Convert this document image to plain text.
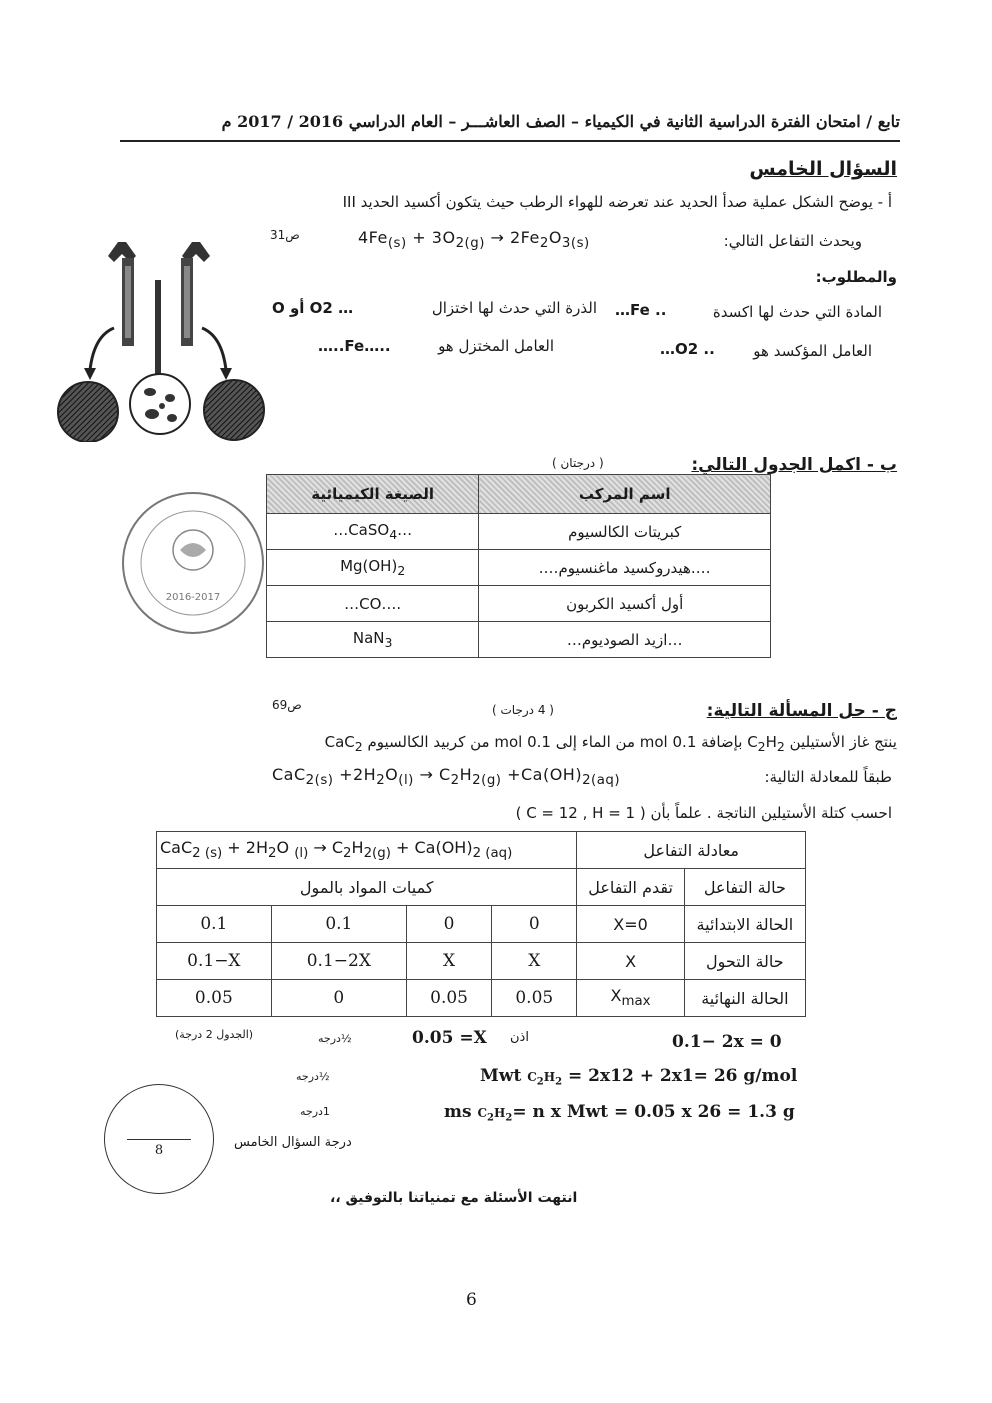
تابع / امتحان الفترة الدراسية الثانية في الكيمياء – الصف العاشـــر – العام الدراسي 2016 / 2017 م
السؤال الخامس
أ - يوضح الشكل عملية صدأ الحديد عند تعرضه للهواء الرطب حيث يتكون أكسيد الحديد III
ويحدث التفاعل التالي:
$4Fe_{(s)} + 3O_{2(g)} \to 2Fe_2O_{3(s)}$
ص31
والمطلوب:
المادة التي حدث لها اكسدة
…Fe ..
الذرة التي حدث لها اختزال
O أو O2 …
العامل المؤكسد هو
…O2 ..
العامل المختزل هو
…..Fe…..
ب - اكمل الجدول التالي:
( درجتان )
2016-2017
الصيغة الكيميائية	اسم المركب
…CaSO$_4$…	كبريتات الكالسيوم
$Mg(OH)_2$	….هيدروكسيد ماغنسيوم….
…CO….	أول أكسيد الكربون
NaN$_3$	…ازيد الصوديوم…
ج - حل المسألة التالية:
( 4 درجات )
ص69
ينتج غاز الأستيلين $C_2H_2$ بإضافة 0.1 mol من الماء إلى 0.1 mol من كربيد الكالسيوم CaC$_2$
طبقاً للمعادلة التالية:
$CaC_{2(s)} +2H_2O_{(l)} \to C_2H_{2(g)} +Ca(OH)_{2(aq)}$
احسب كتلة الأستيلين الناتجة . علماً بأن ( C = 12 , H = 1 )
$CaC_{2 (s)} + 2H_2O$ $_{(l)} \to C_2H_{2(g)} + Ca(OH)_{2 (aq)}$				معادلة التفاعل	
كميات المواد بالمول				تقدم التفاعل	حالة التفاعل
0.1	0.1	0	0	X=0	الحالة الابتدائية
0.1−X	0.1−2X	X	X	X	حالة التحول
0.05	0	0.05	0.05	$X_{max}$	الحالة النهائية
0.1− 2x = 0
اذن
0.05 =X
½درجه
(الجدول 2 درجة)
Mwt $C_2H_2 = 2x12 + 2x1= 26$ g/mol
½درجه
ms $C_2H_2= n$ x Mwt = 0.05 x 26 = 1.3 g
1درجه
8
درجة السؤال الخامس
انتهت الأسئلة مع تمنياتنا بالتوفيق ،،
6
